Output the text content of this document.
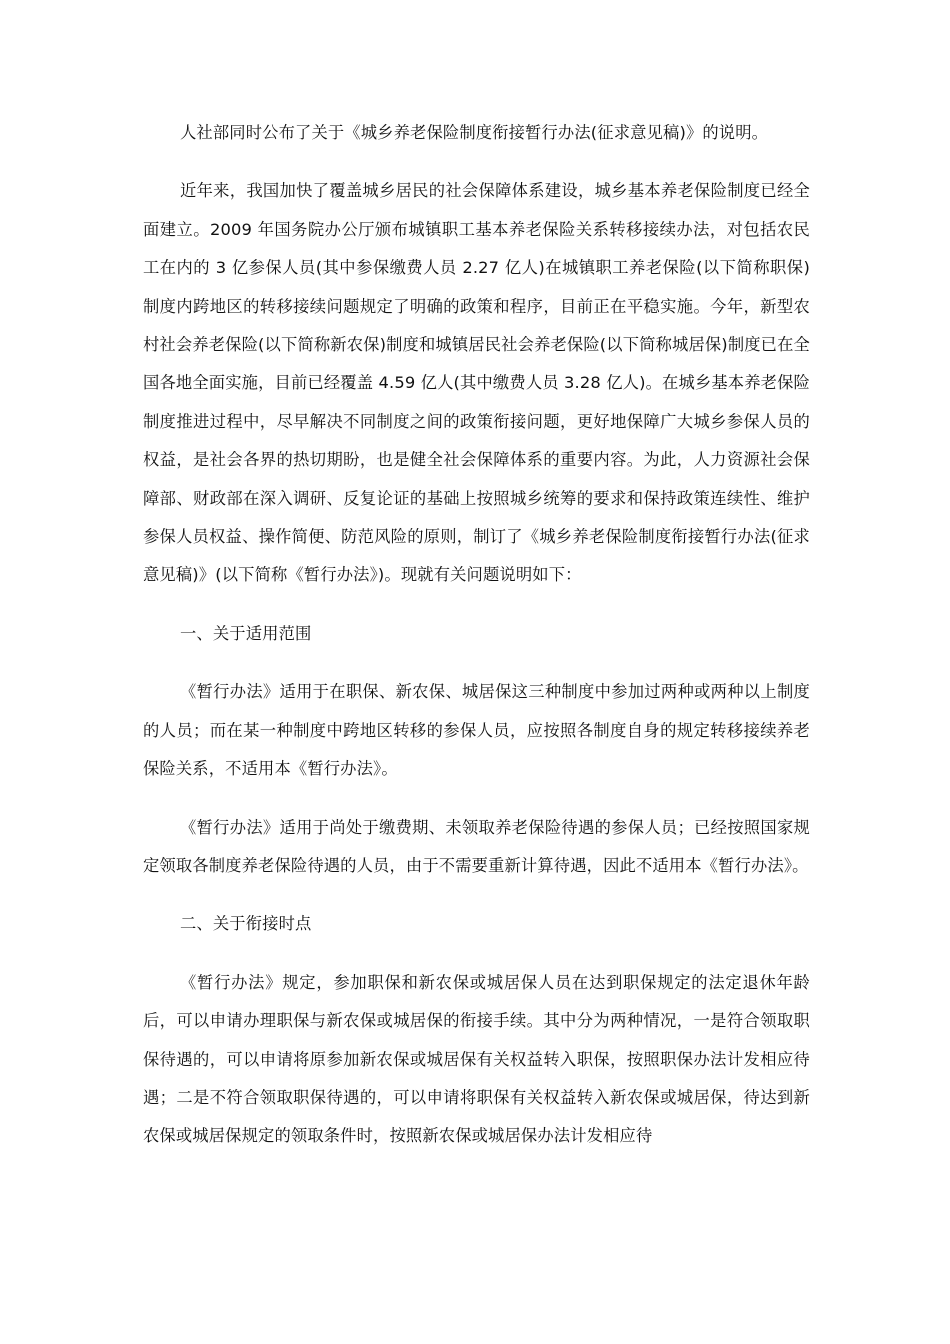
人社部同时公布了关于《城乡养老保险制度衔接暂行办法(征求意见稿)》的说明。

近年来，我国加快了覆盖城乡居民的社会保障体系建设，城乡基本养老保险制度已经全面建立。2009 年国务院办公厅颁布城镇职工基本养老保险关系转移接续办法，对包括农民工在内的 3 亿参保人员(其中参保缴费人员 2.27 亿人)在城镇职工养老保险(以下简称职保)制度内跨地区的转移接续问题规定了明确的政策和程序，目前正在平稳实施。今年，新型农村社会养老保险(以下简称新农保)制度和城镇居民社会养老保险(以下简称城居保)制度已在全国各地全面实施，目前已经覆盖 4.59 亿人(其中缴费人员 3.28 亿人)。在城乡基本养老保险制度推进过程中，尽早解决不同制度之间的政策衔接问题，更好地保障广大城乡参保人员的权益，是社会各界的热切期盼，也是健全社会保障体系的重要内容。为此，人力资源社会保障部、财政部在深入调研、反复论证的基础上按照城乡统筹的要求和保持政策连续性、维护参保人员权益、操作简便、防范风险的原则，制订了《城乡养老保险制度衔接暂行办法(征求意见稿)》(以下简称《暂行办法》)。现就有关问题说明如下：

一、关于适用范围

《暂行办法》适用于在职保、新农保、城居保这三种制度中参加过两种或两种以上制度的人员；而在某一种制度中跨地区转移的参保人员，应按照各制度自身的规定转移接续养老保险关系，不适用本《暂行办法》。

《暂行办法》适用于尚处于缴费期、未领取养老保险待遇的参保人员；已经按照国家规定领取各制度养老保险待遇的人员，由于不需要重新计算待遇，因此不适用本《暂行办法》。

二、关于衔接时点

《暂行办法》规定，参加职保和新农保或城居保人员在达到职保规定的法定退休年龄后，可以申请办理职保与新农保或城居保的衔接手续。其中分为两种情况，一是符合领取职保待遇的，可以申请将原参加新农保或城居保有关权益转入职保，按照职保办法计发相应待遇；二是不符合领取职保待遇的，可以申请将职保有关权益转入新农保或城居保，待达到新农保或城居保规定的领取条件时，按照新农保或城居保办法计发相应待
